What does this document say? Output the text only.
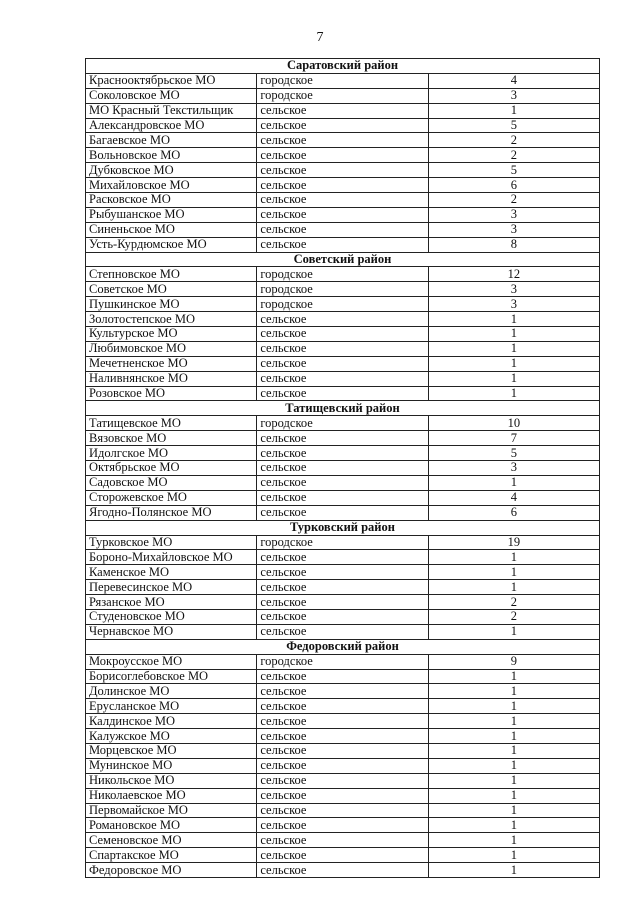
7
Саратовский район		
Краснооктябрьское МО	городское	4
Соколовское МО	городское	3
МО Красный Текстильщик	сельское	1
Александровское МО	сельское	5
Багаевское МО	сельское	2
Вольновское МО	сельское	2
Дубковское МО	сельское	5
Михайловское МО	сельское	6
Расковское МО	сельское	2
Рыбушанское МО	сельское	3
Синеньское МО	сельское	3
Усть-Курдюмское МО	сельское	8
Советский район		
Степновское МО	городское	12
Советское МО	городское	3
Пушкинское МО	городское	3
Золотостепское МО	сельское	1
Культурское МО	сельское	1
Любимовское МО	сельское	1
Мечетненское МО	сельское	1
Наливнянское МО	сельское	1
Розовское МО	сельское	1
Татищевский район		
Татищевское МО	городское	10
Вязовское МО	сельское	7
Идолгское МО	сельское	5
Октябрьское МО	сельское	3
Садовское МО	сельское	1
Сторожевское МО	сельское	4
Ягодно-Полянское МО	сельское	6
Турковский район		
Турковское МО	городское	19
Бороно-Михайловское МО	сельское	1
Каменское МО	сельское	1
Перевесинское МО	сельское	1
Рязанское МО	сельское	2
Студеновское МО	сельское	2
Чернавское МО	сельское	1
Федоровский район		
Мокроусское МО	городское	9
Борисоглебовское МО	сельское	1
Долинское МО	сельское	1
Ерусланское МО	сельское	1
Калдинское МО	сельское	1
Калужское МО	сельское	1
Морцевское МО	сельское	1
Мунинское МО	сельское	1
Никольское МО	сельское	1
Николаевское МО	сельское	1
Первомайское МО	сельское	1
Романовское МО	сельское	1
Семеновское МО	сельское	1
Спартакское МО	сельское	1
Федоровское МО	сельское	1
